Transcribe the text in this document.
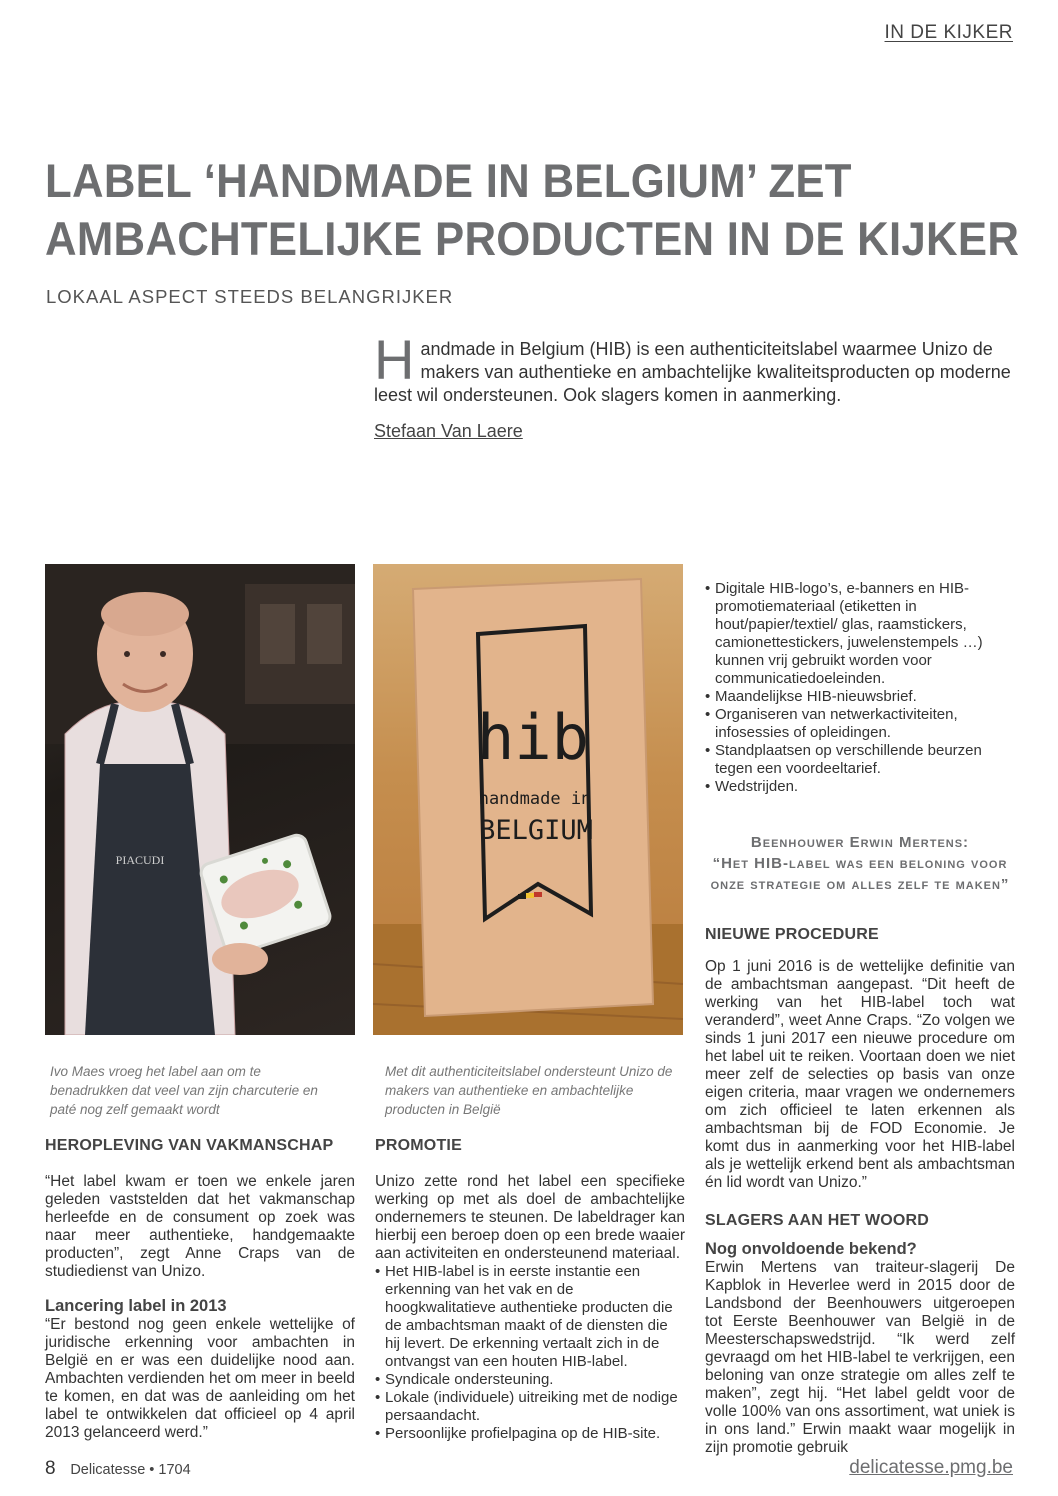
IN DE KIJKER
LABEL ‘HANDMADE IN BELGIUM’ ZET
AMBACHTELIJKE PRODUCTEN IN DE KIJKER
LOKAAL ASPECT STEEDS BELANGRIJKER
Handmade in Belgium (HIB) is een authenticiteitslabel waarmee Unizo de makers van authentieke en ambachtelijke kwaliteitsproducten op moderne leest wil ondersteunen. Ook slagers komen in aanmerking.
Stefaan Van Laere
PIACUDI
hib
handmade in
BELGIUM
Ivo Maes vroeg het label aan om te benadrukken dat veel van zijn charcuterie en paté nog zelf gemaakt wordt
Met dit authenticiteitslabel ondersteunt Unizo de makers van authentieke en ambachtelijke producten in België
HEROPLEVING VAN VAKMANSCHAP
“Het label kwam er toen we enkele jaren geleden vaststelden dat het vakmanschap herleefde en de consument op zoek was naar meer authentieke, handgemaakte producten”, zegt Anne Craps van de studiedienst van Unizo.
Lancering label in 2013
“Er bestond nog geen enkele wettelijke of juridische erkenning voor ambachten in België en er was een duidelijke nood aan. Ambachten verdienden het om meer in beeld te komen, en dat was de aanleiding om het label te ontwikkelen dat officieel op 4 april 2013 gelanceerd werd.”
PROMOTIE
Unizo zette rond het label een specifieke werking op met als doel de ambachtelijke ondernemers te steunen. De labeldrager kan hierbij een beroep doen op een brede waaier aan activiteiten en ondersteunend materiaal.
• Het HIB-label is in eerste instantie een erkenning van het vak en de hoogkwalitatieve authentieke producten die de ambachtsman maakt of de diensten die hij levert. De erkenning vertaalt zich in de ontvangst van een houten HIB-label.
• Syndicale ondersteuning.
• Lokale (individuele) uitreiking met de nodige persaandacht.
• Persoonlijke profielpagina op de HIB-site.
• Digitale HIB-logo’s, e-banners en HIB-promotiemateriaal (etiketten in hout/papier/textiel/ glas, raamstickers, camionettestickers, juwelenstempels …) kunnen vrij gebruikt worden voor communicatiedoeleinden.
• Maandelijkse HIB-nieuwsbrief.
• Organiseren van netwerkactiviteiten, infosessies of opleidingen.
• Standplaatsen op verschillende beurzen tegen een voordeeltarief.
• Wedstrijden.
Beenhouwer Erwin Mertens:
“Het HIB-label was een beloning voor onze strategie om alles zelf te maken”
NIEUWE PROCEDURE
Op 1 juni 2016 is de wettelijke definitie van de ambachtsman aangepast. “Dit heeft de werking van het HIB-label toch wat veranderd”, weet Anne Craps. “Zo volgen we sinds 1 juni 2017 een nieuwe procedure om het label uit te reiken. Voortaan doen we niet meer zelf de selecties op basis van onze eigen criteria, maar vragen we ondernemers om zich officieel te laten erkennen als ambachtsman bij de FOD Economie. Je komt dus in aanmerking voor het HIB-label als je wettelijk erkend bent als ambachtsman én lid wordt van Unizo.”
SLAGERS AAN HET WOORD
Nog onvoldoende bekend?
Erwin Mertens van traiteur-slagerij De Kapblok in Heverlee werd in 2015 door de Landsbond der Beenhouwers uitgeroepen tot Eerste Beenhouwer van België in de Meesterschapswedstrijd. “Ik werd zelf gevraagd om het HIB-label te verkrijgen, een beloning van onze strategie om alles zelf te maken”, zegt hij. “Het label geldt voor de volle 100% van ons assortiment, wat uniek is in ons land.” Erwin maakt waar mogelijk in zijn promotie gebruik
8 Delicatesse • 1704	delicatesse.pmg.be
